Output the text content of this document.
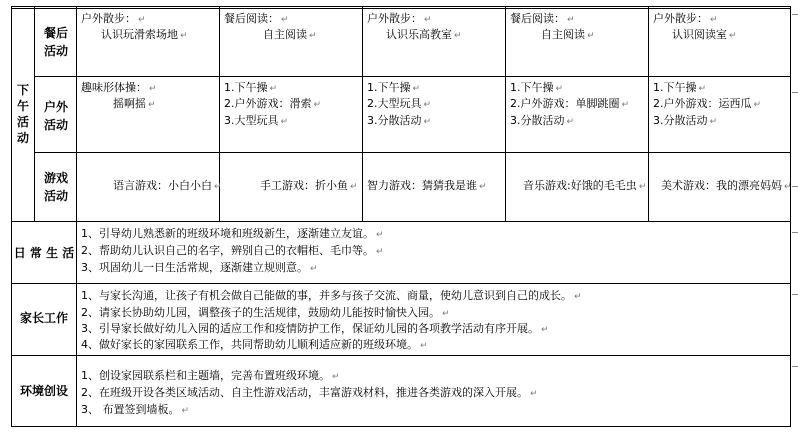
下
午
活
动
餐后
活动
户外散步： ↵
认识玩滑索场地 ↵
餐后阅读： ↵
自主阅读 ↵
户外散步： ↵
认识乐高教室 ↵
餐后阅读： ↵
自主阅读 ↵
户外散步： ↵
认识阅读室 ↵
户外
活动
趣味形体操： ↵
摇啊摇 ↵
1.下午操 ↵
2.户外游戏：滑索 ↵
3.大型玩具 ↵
1.下午操 ↵
2.大型玩具 ↵
3.分散活动 ↵
1.下午操 ↵
2.户外游戏：单脚跳圈 ↵
3.分散活动 ↵
1.下午操 ↵
2.户外游戏：运西瓜 ↵
3.分散活动 ↵
游戏
活动
语言游戏：小白小白 ↵	手工游戏：折小鱼 ↵ 智力游戏：猜猜我是谁 ↵	音乐游戏:好饿的毛毛虫 ↵ 美术游戏：我的漂亮妈妈 ↵
日 常 生 活
1、引导幼儿熟悉新的班级环境和班级新生，逐渐建立友谊。 ↵
2、帮助幼儿认识自己的名字，辨别自己的衣帽柜、毛巾等。 ↵
3、巩固幼儿一日生活常规，逐渐建立规则意。 ↵
家长工作
1、与家长沟通，让孩子有机会做自己能做的事，并多与孩子交流、商量，使幼儿意识到自己的成长。 ↵
2、请家长协助幼儿园，调整孩子的生活规律，鼓励幼儿能按时愉快入园。 ↵
3、引导家长做好幼儿入园的适应工作和疫情防护工作，保证幼儿园的各项教学活动有序开展。 ↵
4、做好家长的家园联系工作，共同帮助幼儿顺利适应新的班级环境。 ↵
环境创设
1、创设家园联系栏和主题墙，完善布置班级环境。 ↵
2、在班级开设各类区域活动、自主性游戏活动，丰富游戏材料，推进各类游戏的深入开展。 ↵
3、 布置签到墙板。 ↵
